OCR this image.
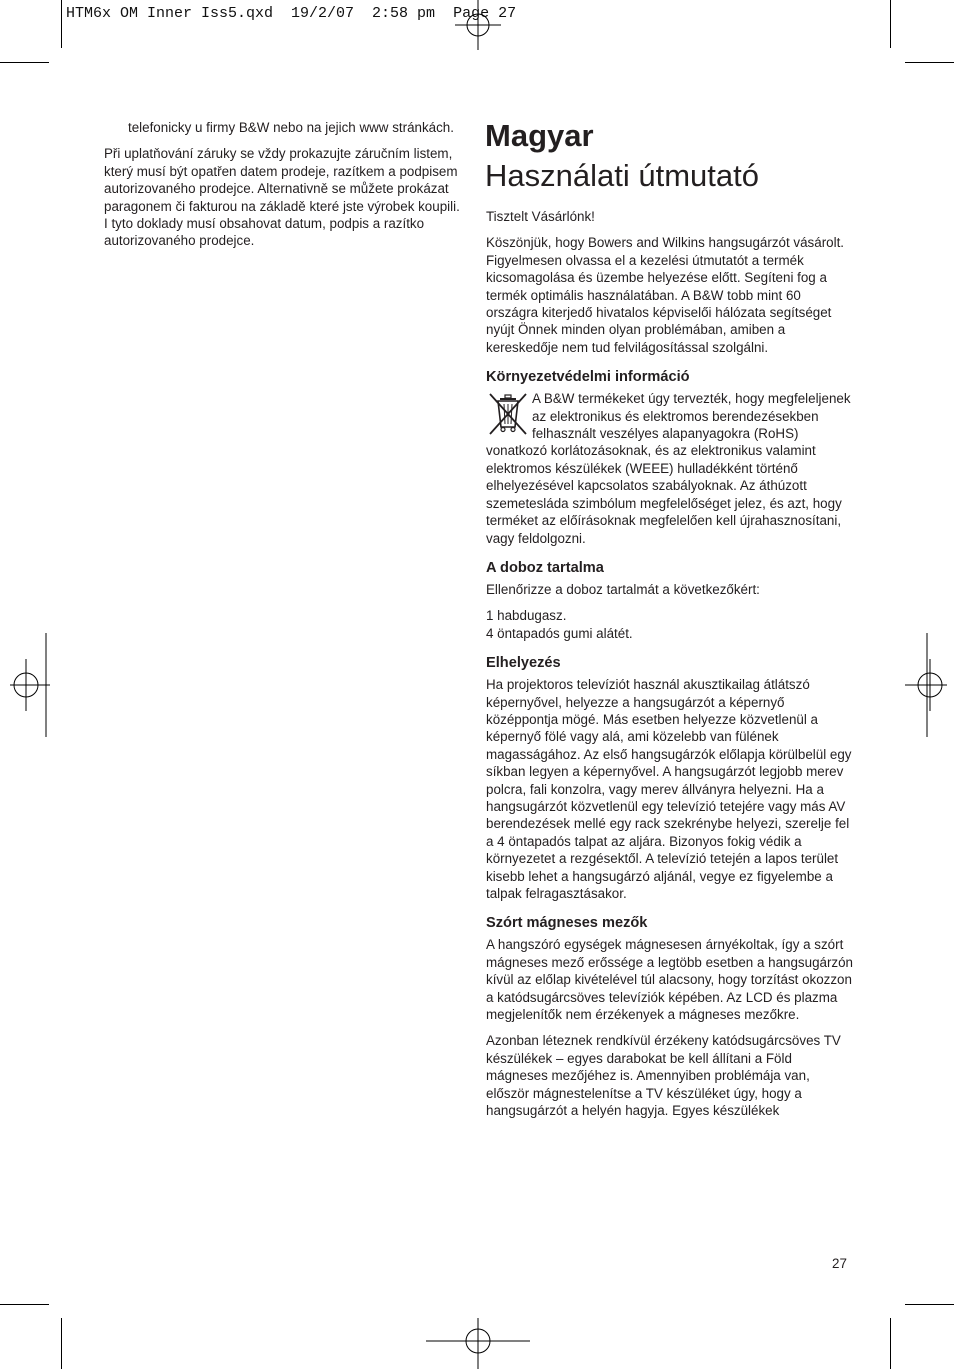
HTM6x OM Inner Iss5.qxd  19/2/07  2:58 pm  Page 27

telefonicky u firmy B&W nebo na jejich www stránkách.

Při uplatňování záruky se vždy prokazujte záručním listem, který musí být opatřen datem prodeje, razítkem a podpisem autorizovaného prodejce. Alternativně se můžete prokázat paragonem či fakturou na základě které jste výrobek koupili. I tyto doklady musí obsahovat datum, podpis a razítko autorizovaného prodejce.

Magyar
Használati útmutató

Tisztelt Vásárlónk!

Köszönjük, hogy Bowers and Wilkins hangsugárzót vásárolt. Figyelmesen olvassa el a kezelési útmutatót a termék kicsomagolása és üzembe helyezése előtt. Segíteni fog a termék optimális használatában. A B&W tobb mint 60 országra kiterjedő hivatalos képviselői hálózata segítséget nyújt Önnek minden olyan problémában, amiben a kereskedője nem tud felvilágosítással szolgálni.

Környezetvédelmi információ

A B&W termékeket úgy tervezték, hogy megfeleljenek az elektronikus és elektromos berendezésekben felhasznált veszélyes alapanyagokra (RoHS) vonatkozó korlátozásoknak, és az elektronikus valamint elektromos készülékek (WEEE) hulladékként történő elhelyezésével kapcsolatos szabályoknak. Az áthúzott szemetesláda szimbólum megfelelőséget jelez, és azt, hogy terméket az előírásoknak megfelelően kell újrahasznosítani, vagy feldolgozni.

A doboz tartalma

Ellenőrizze a doboz tartalmát a következőkért:

1 habdugasz.
4 öntapadós gumi alátét.

Elhelyezés

Ha projektoros televíziót használ akusztikailag átlátszó képernyővel, helyezze a hangsugárzót a képernyő középpontja mögé. Más esetben helyezze közvetlenül a képernyő fölé vagy alá, ami közelebb van fülének magasságához. Az első hangsugárzók előlapja körülbelül egy síkban legyen a képernyővel. A hangsugárzót legjobb merev polcra, fali konzolra, vagy merev állványra helyezni. Ha a hangsugárzót közvetlenül egy televízió tetejére vagy más AV berendezések mellé egy rack szekrénybe helyezi, szerelje fel a 4 öntapadós talpat az aljára. Bizonyos fokig védik a környezetet a rezgésektől. A televízió tetején a lapos terület kisebb lehet a hangsugárzó aljánál, vegye ez figyelembe a talpak felragasztásakor.

Szórt mágneses mezők

A hangszóró egységek mágnesesen árnyékoltak, így a szórt mágneses mező erőssége a legtöbb esetben a hangsugárzón kívül az előlap kivételével túl alacsony, hogy torzítást okozzon a katódsugárcsöves televíziók képében. Az LCD és plazma megjelenítők nem érzékenyek a mágneses mezőkre.

Azonban léteznek rendkívül érzékeny katódsugárcsöves TV készülékek – egyes darabokat be kell állítani a Föld mágneses mezőjéhez is. Amennyiben problémája van, először mágnestelenítse a TV készüléket úgy, hogy a hangsugárzót a helyén hagyja. Egyes készülékek

27
